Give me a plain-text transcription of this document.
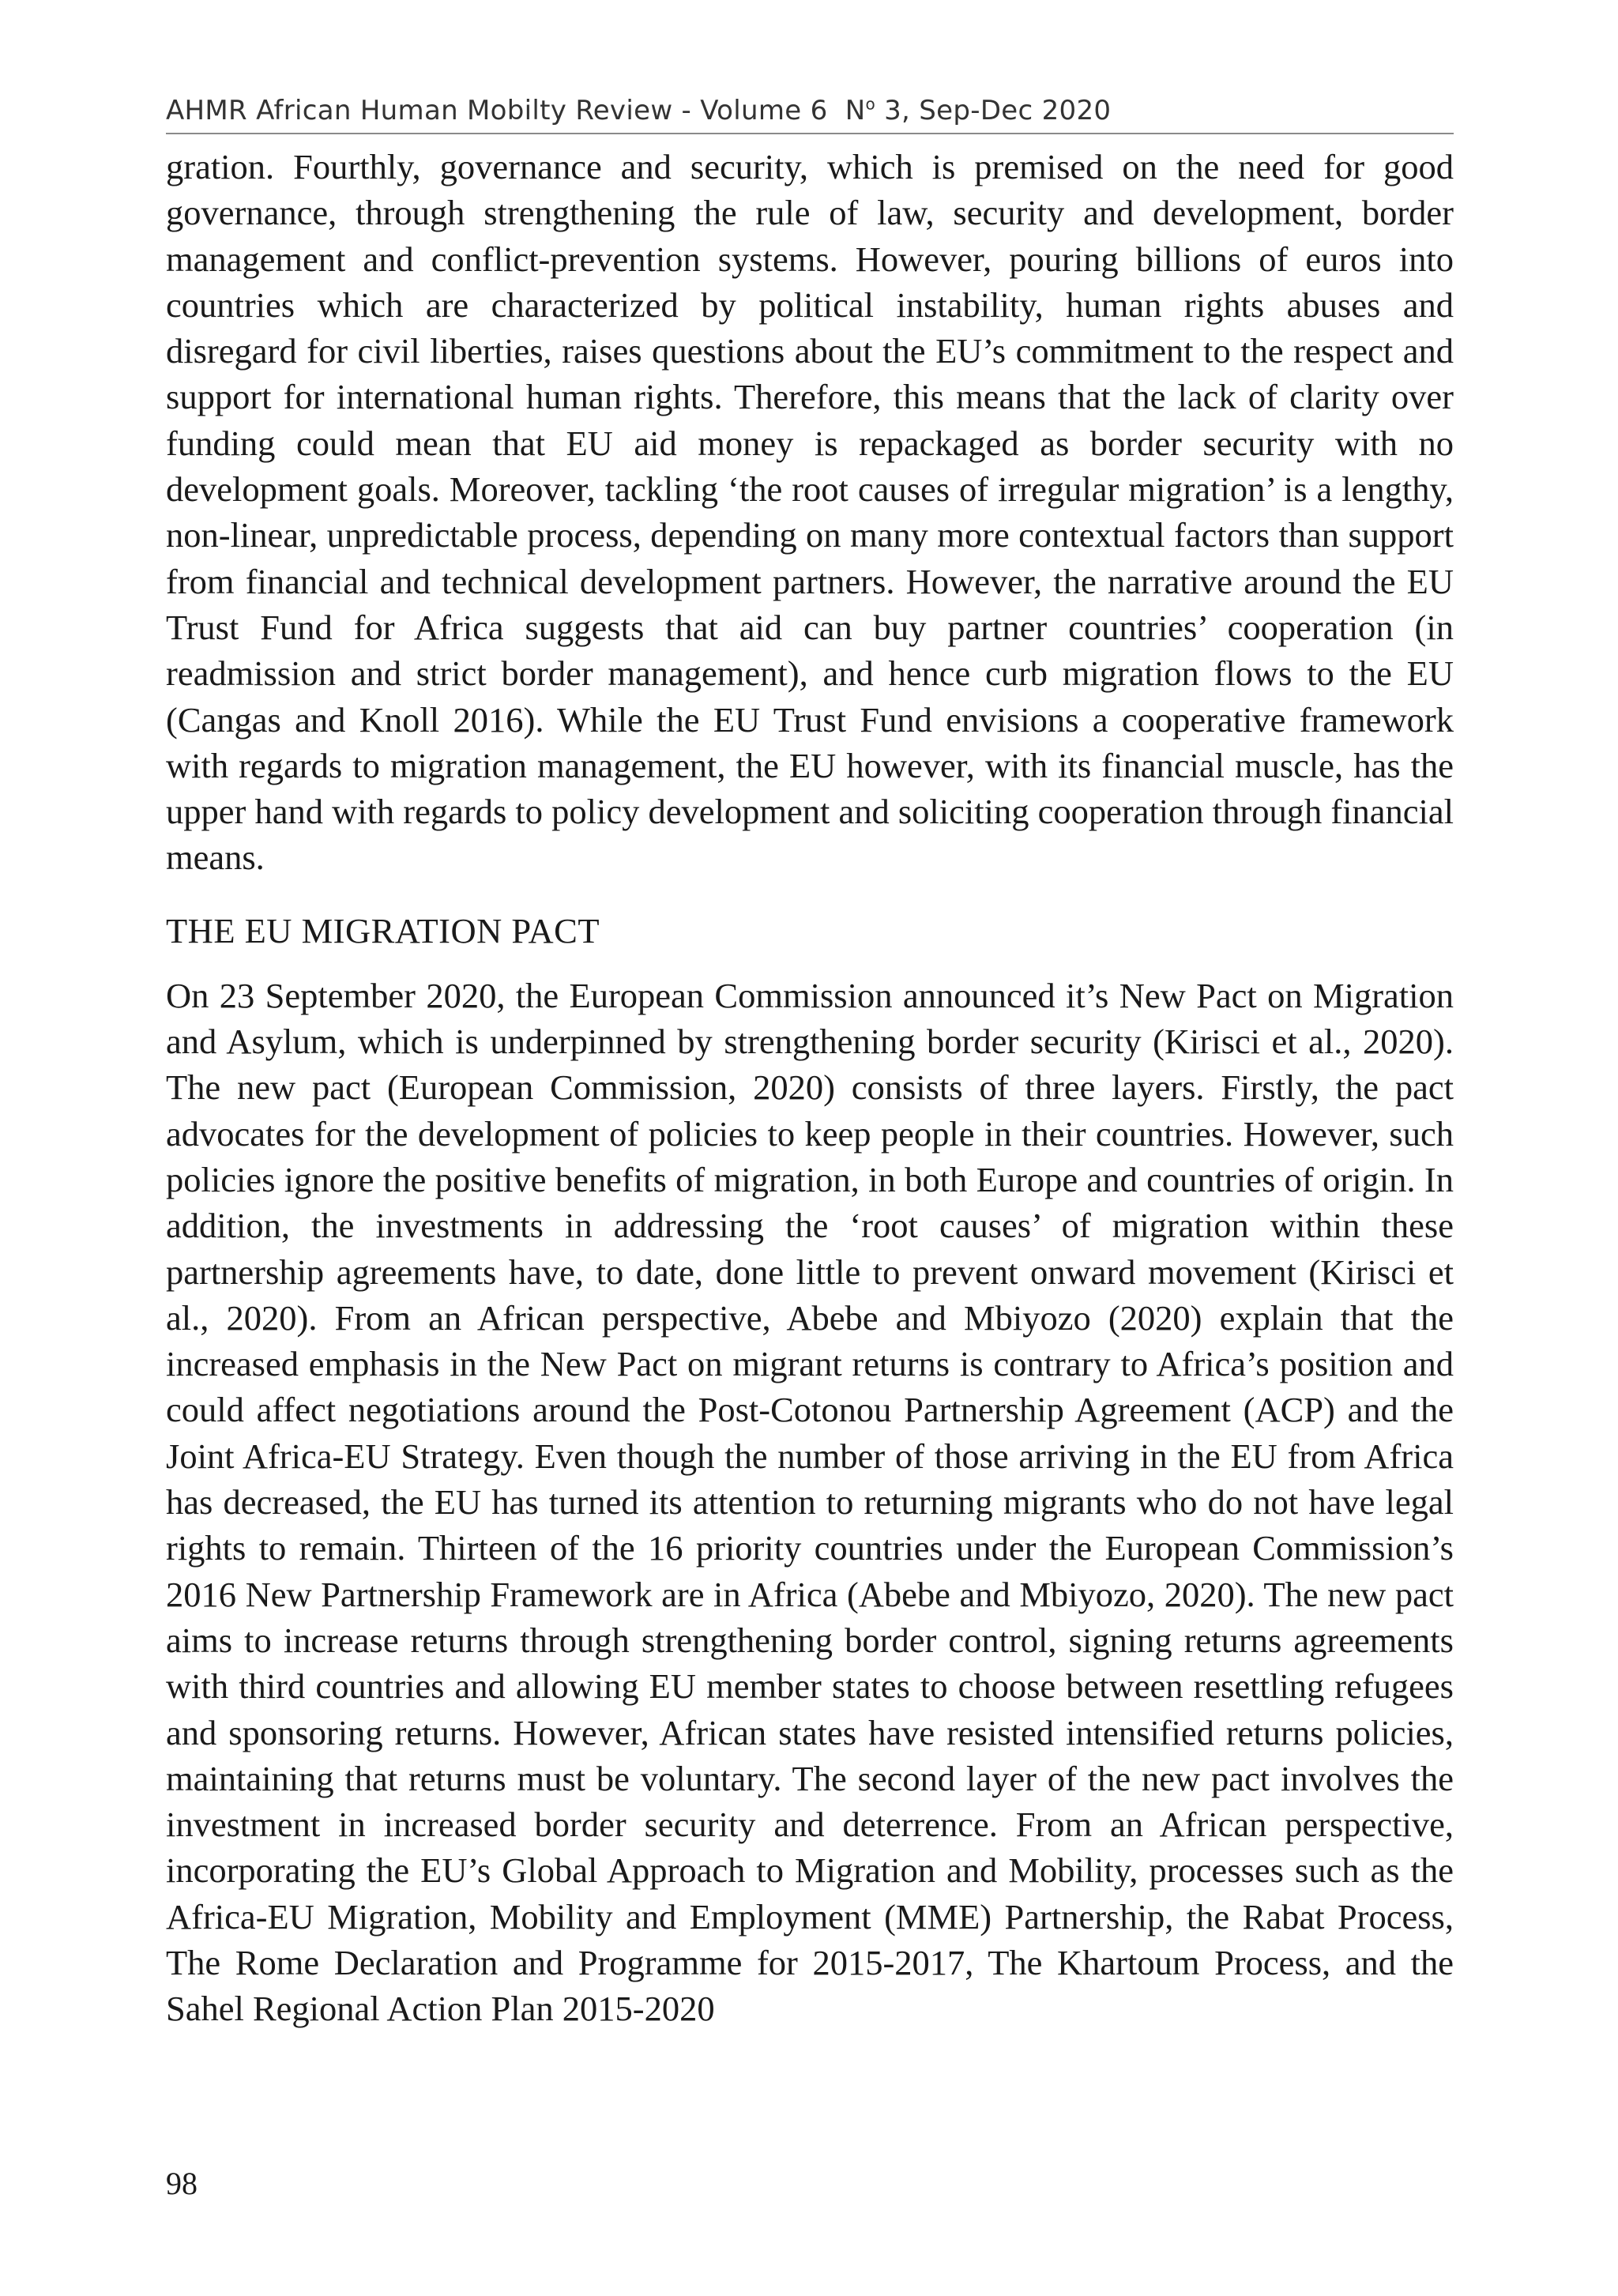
AHMR African Human Mobilty Review - Volume 6 $N^o$ 3, Sep-Dec 2020

gration. Fourthly, governance and security, which is premised on the need for good governance, through strengthening the rule of law, security and development, border management and conflict-prevention systems. However, pouring billions of euros into countries which are characterized by political instability, human rights abuses and disregard for civil liberties, raises questions about the EU’s commitment to the respect and support for international human rights. Therefore, this means that the lack of clarity over funding could mean that EU aid money is repackaged as border security with no development goals. Moreover, tackling ‘the root causes of irregular migration’ is a lengthy, non-linear, unpredictable process, depending on many more contextual factors than support from financial and technical development partners. However, the narrative around the EU Trust Fund for Africa suggests that aid can buy partner countries’ cooperation (in readmission and strict border management), and hence curb migration flows to the EU (Cangas and Knoll 2016). While the EU Trust Fund envisions a cooperative framework with regards to migration management, the EU however, with its financial muscle, has the upper hand with regards to policy development and soliciting cooperation through financial means.

THE EU MIGRATION PACT

On 23 September 2020, the European Commission announced it’s New Pact on Migration and Asylum, which is underpinned by strengthening border security (Kirisci et al., 2020). The new pact (European Commission, 2020) consists of three layers. Firstly, the pact advocates for the development of policies to keep people in their countries. However, such policies ignore the positive benefits of migration, in both Europe and countries of origin. In addition, the investments in addressing the ‘root causes’ of migration within these partnership agreements have, to date, done little to prevent onward movement (Kirisci et al., 2020). From an African perspective, Abebe and Mbiyozo (2020) explain that the increased emphasis in the New Pact on migrant returns is contrary to Africa’s position and could affect negotiations around the Post-Cotonou Partnership Agreement (ACP) and the Joint Africa-EU Strategy. Even though the number of those arriving in the EU from Africa has decreased, the EU has turned its attention to returning migrants who do not have legal rights to remain. Thirteen of the 16 priority countries under the European Commission’s 2016 New Partnership Framework are in Africa (Abebe and Mbiyozo, 2020). The new pact aims to increase returns through strengthening border control, signing returns agreements with third countries and allowing EU member states to choose between resettling refugees and sponsoring returns. However, African states have resisted intensified returns policies, maintaining that returns must be voluntary. The second layer of the new pact involves the investment in increased border security and deterrence. From an African perspective, incorporating the EU’s Global Approach to Migration and Mobility, processes such as the Africa-EU Migration, Mobility and Employment (MME) Partnership, the Rabat Process, The Rome Declaration and Programme for 2015-2017, The Khartoum Process, and the Sahel Regional Action Plan 2015-2020

98
